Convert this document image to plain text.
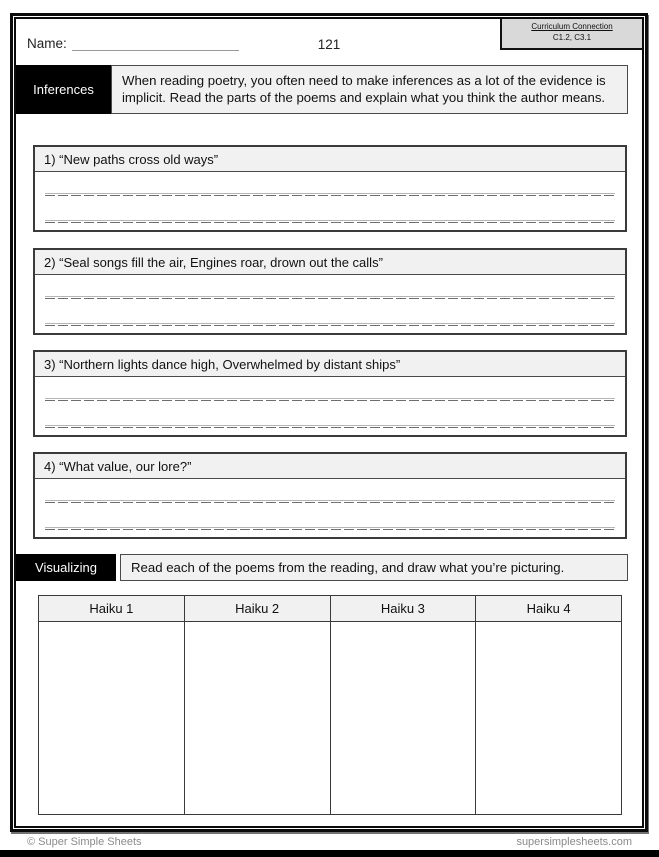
Name:	121
Curriculum Connection
C1.2, C3.1
Inferences
When reading poetry, you often need to make inferences as a lot of the evidence is implicit. Read the parts of the poems and explain what you think the author means.
1) “New paths cross old ways”
2) “Seal songs fill the air, Engines roar, drown out the calls”
3) “Northern lights dance high, Overwhelmed by distant ships”
4) “What value, our lore?”
Visualizing	Read each of the poems from the reading, and draw what you’re picturing.
Haiku 1	Haiku 2	Haiku 3	Haiku 4

© Super Simple Sheets	supersimplesheets.com
